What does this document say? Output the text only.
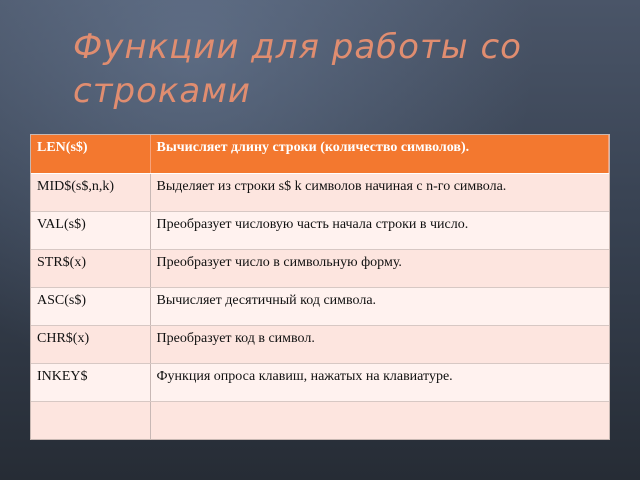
Функции для работы со строками
LEN(s$)	Вычисляет длину строки (количество символов).
MID$(s$,n,k)	Выделяет из строки s$ k символов начиная с n-го символа.
VAL(s$)	Преобразует числовую часть начала строки в число.
STR$(x)	Преобразует число в символьную форму.
ASC(s$)	Вычисляет десятичный код символа.
CHR$(x)	Преобразует код в символ.
INKEY$	Функция опроса клавиш, нажатых на клавиатуре.
